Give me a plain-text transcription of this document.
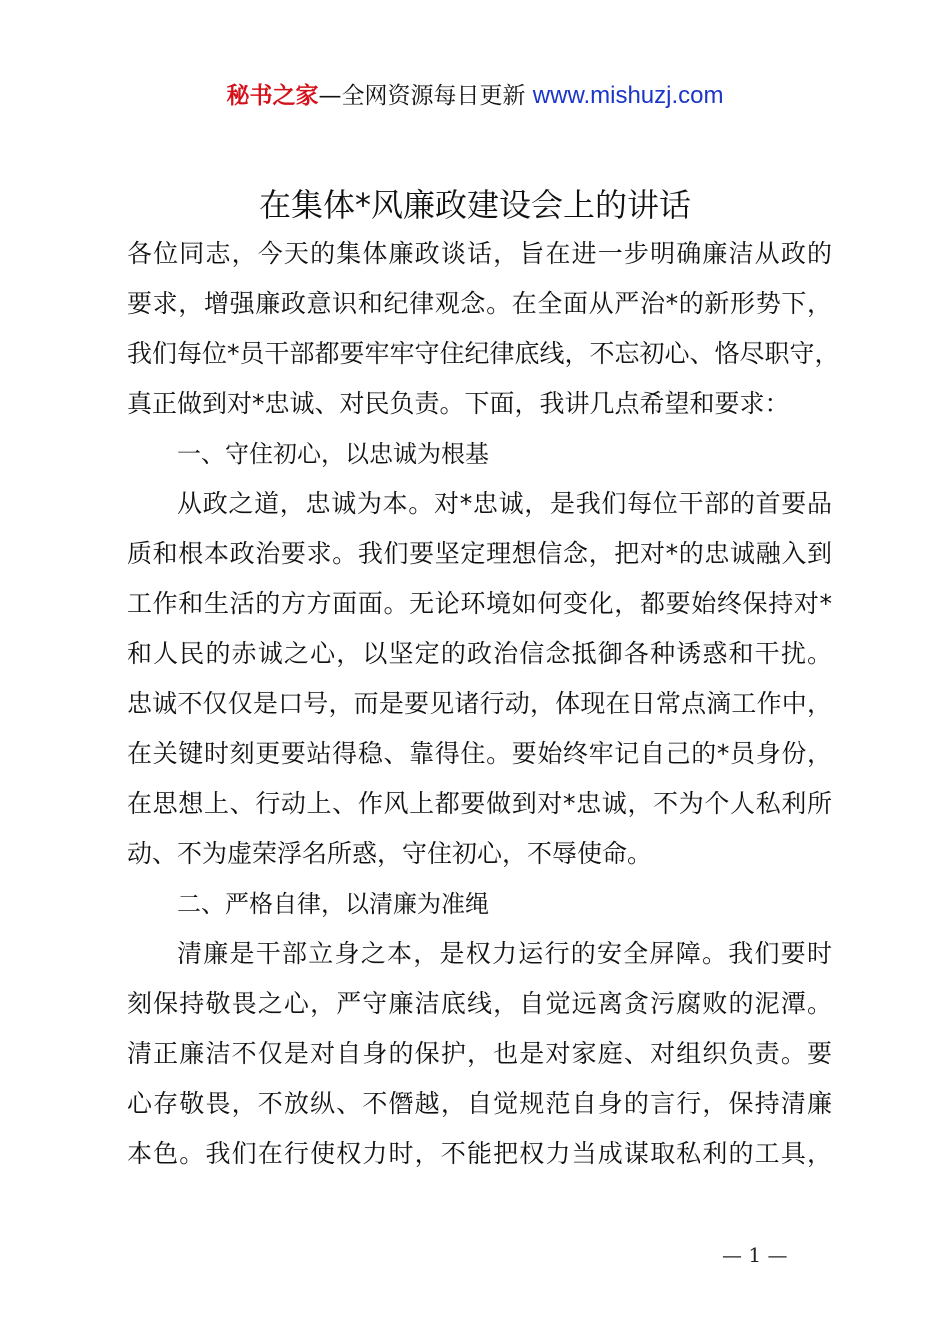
秘书之家—全网资源每日更新 www.mishuzj.com
在集体*风廉政建设会上的讲话
各位同志，今天的集体廉政谈话，旨在进一步明确廉洁从政的
要求，增强廉政意识和纪律观念。在全面从严治*的新形势下，
我们每位*员干部都要牢牢守住纪律底线，不忘初心、恪尽职守，
真正做到对*忠诚、对民负责。下面，我讲几点希望和要求：
一、守住初心，以忠诚为根基
从政之道，忠诚为本。对*忠诚，是我们每位干部的首要品
质和根本政治要求。我们要坚定理想信念，把对*的忠诚融入到
工作和生活的方方面面。无论环境如何变化，都要始终保持对*
和人民的赤诚之心，以坚定的政治信念抵御各种诱惑和干扰。
忠诚不仅仅是口号，而是要见诸行动，体现在日常点滴工作中，
在关键时刻更要站得稳、靠得住。要始终牢记自己的*员身份，
在思想上、行动上、作风上都要做到对*忠诚，不为个人私利所
动、不为虚荣浮名所惑，守住初心，不辱使命。
二、严格自律，以清廉为准绳
清廉是干部立身之本，是权力运行的安全屏障。我们要时
刻保持敬畏之心，严守廉洁底线，自觉远离贪污腐败的泥潭。
清正廉洁不仅是对自身的保护，也是对家庭、对组织负责。要
心存敬畏，不放纵、不僭越，自觉规范自身的言行，保持清廉
本色。我们在行使权力时，不能把权力当成谋取私利的工具，
— 1 —
